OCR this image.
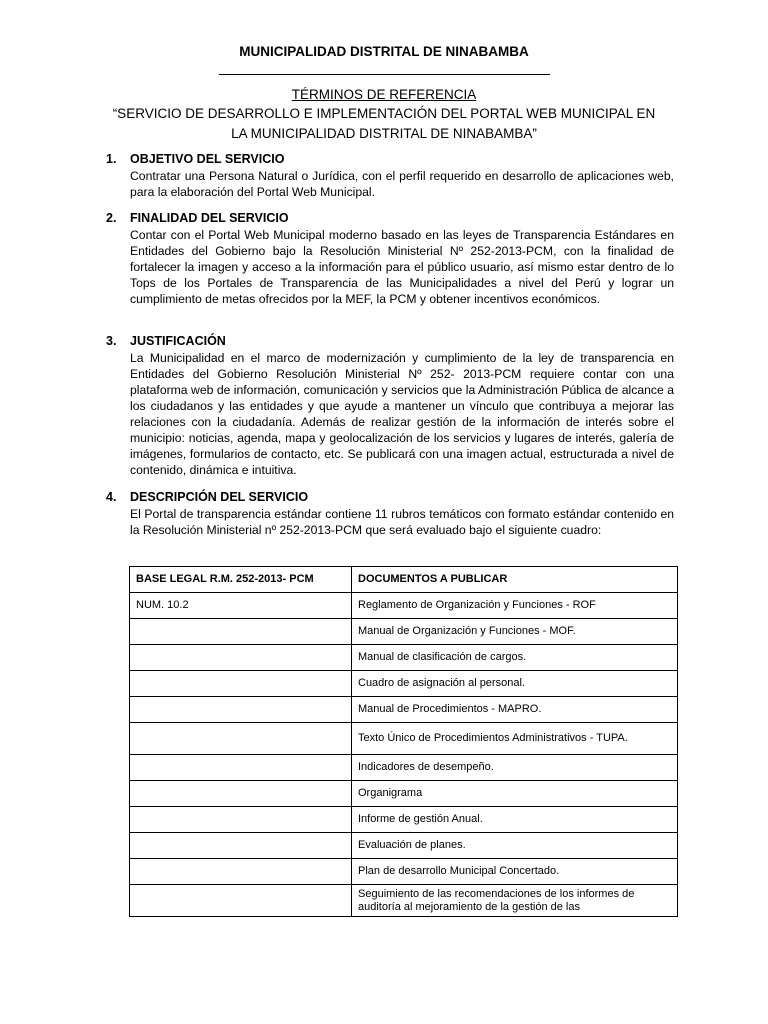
MUNICIPALIDAD DISTRITAL DE NINABAMBA
TÉRMINOS DE REFERENCIA
“SERVICIO DE DESARROLLO E IMPLEMENTACIÓN DEL PORTAL WEB MUNICIPAL EN
LA MUNICIPALIDAD DISTRITAL DE NINABAMBA”
1. OBJETIVO DEL SERVICIO
Contratar una Persona Natural o Jurídica, con el perfil requerido en desarrollo de aplicaciones web, para la elaboración del Portal Web Municipal.
2. FINALIDAD DEL SERVICIO
Contar con el Portal Web Municipal moderno basado en las leyes de Transparencia Estándares en Entidades del Gobierno bajo la Resolución Ministerial Nº 252-2013-PCM, con la finalidad de fortalecer la imagen y acceso a la información para el público usuario, así mismo estar dentro de lo Tops de los Portales de Transparencia de las Municipalidades a nivel del Perú y lograr un cumplimiento de metas ofrecidos por la MEF, la PCM y obtener incentivos económicos.
3. JUSTIFICACIÓN
La Municipalidad en el marco de modernización y cumplimiento de la ley de transparencia en Entidades del Gobierno Resolución Ministerial Nº 252- 2013-PCM requiere contar con una plataforma web de información, comunicación y servicios que la Administración Pública de alcance a los ciudadanos y las entidades y que ayude a mantener un vínculo que contribuya a mejorar las relaciones con la ciudadanía. Además de realizar gestión de la información de interés sobre el municipio: noticias, agenda, mapa y geolocalización de los servicios y lugares de interés, galería de imágenes, formularios de contacto, etc. Se publicará con una imagen actual, estructurada a nivel de contenido, dinámica e intuitiva.
4. DESCRIPCIÓN DEL SERVICIO
El Portal de transparencia estándar contiene 11 rubros temáticos con formato estándar contenido en la Resolución Ministerial nº 252-2013-PCM que será evaluado bajo el siguiente cuadro:
BASE LEGAL R.M. 252-2013- PCM	DOCUMENTOS A PUBLICAR
NUM. 10.2	Reglamento de Organización y Funciones - ROF
	Manual de Organización y Funciones - MOF.
	Manual de clasificación de cargos.
	Cuadro de asignación al personal.
	Manual de Procedimientos - MAPRO.
	Texto Único de Procedimientos Administrativos - TUPA.
	Indicadores de desempeño.
	Organigrama
	Informe de gestión Anual.
	Evaluación de planes.
	Plan de desarrollo Municipal Concertado.
	Seguimiento de las recomendaciones de los informes de auditoría al mejoramiento de la gestión de las
